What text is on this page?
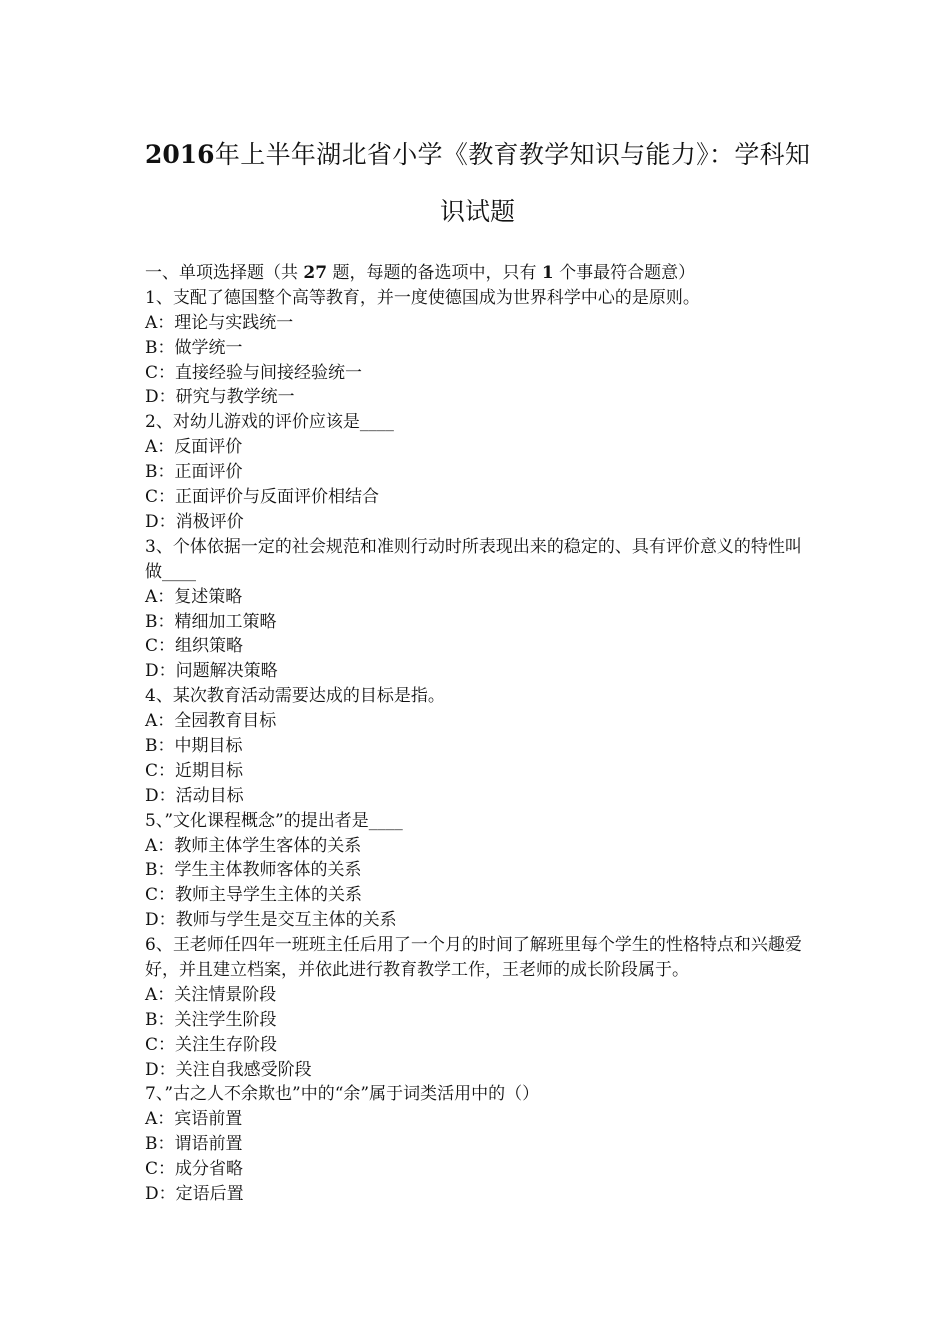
2016年上半年湖北省小学《教育教学知识与能力》：学科知识试题
一、单项选择题（共 27 题，每题的备选项中，只有 1 个事最符合题意）
1、支配了德国整个高等教育，并一度使德国成为世界科学中心的是原则。
A：理论与实践统一
B：做学统一
C：直接经验与间接经验统一
D：研究与教学统一
2、对幼儿游戏的评价应该是____
A：反面评价
B：正面评价
C：正面评价与反面评价相结合
D：消极评价
3、个体依据一定的社会规范和准则行动时所表现出来的稳定的、具有评价意义的特性叫做____
A：复述策略
B：精细加工策略
C：组织策略
D：问题解决策略
4、某次教育活动需要达成的目标是指。
A：全园教育目标
B：中期目标
C：近期目标
D：活动目标
5、”文化课程概念”的提出者是____
A：教师主体学生客体的关系
B：学生主体教师客体的关系
C：教师主导学生主体的关系
D：教师与学生是交互主体的关系
6、王老师任四年一班班主任后用了一个月的时间了解班里每个学生的性格特点和兴趣爱好，并且建立档案，并依此进行教育教学工作，王老师的成长阶段属于。
A：关注情景阶段
B：关注学生阶段
C：关注生存阶段
D：关注自我感受阶段
7、”古之人不余欺也”中的“余”属于词类活用中的（）
A：宾语前置
B：谓语前置
C：成分省略
D：定语后置
